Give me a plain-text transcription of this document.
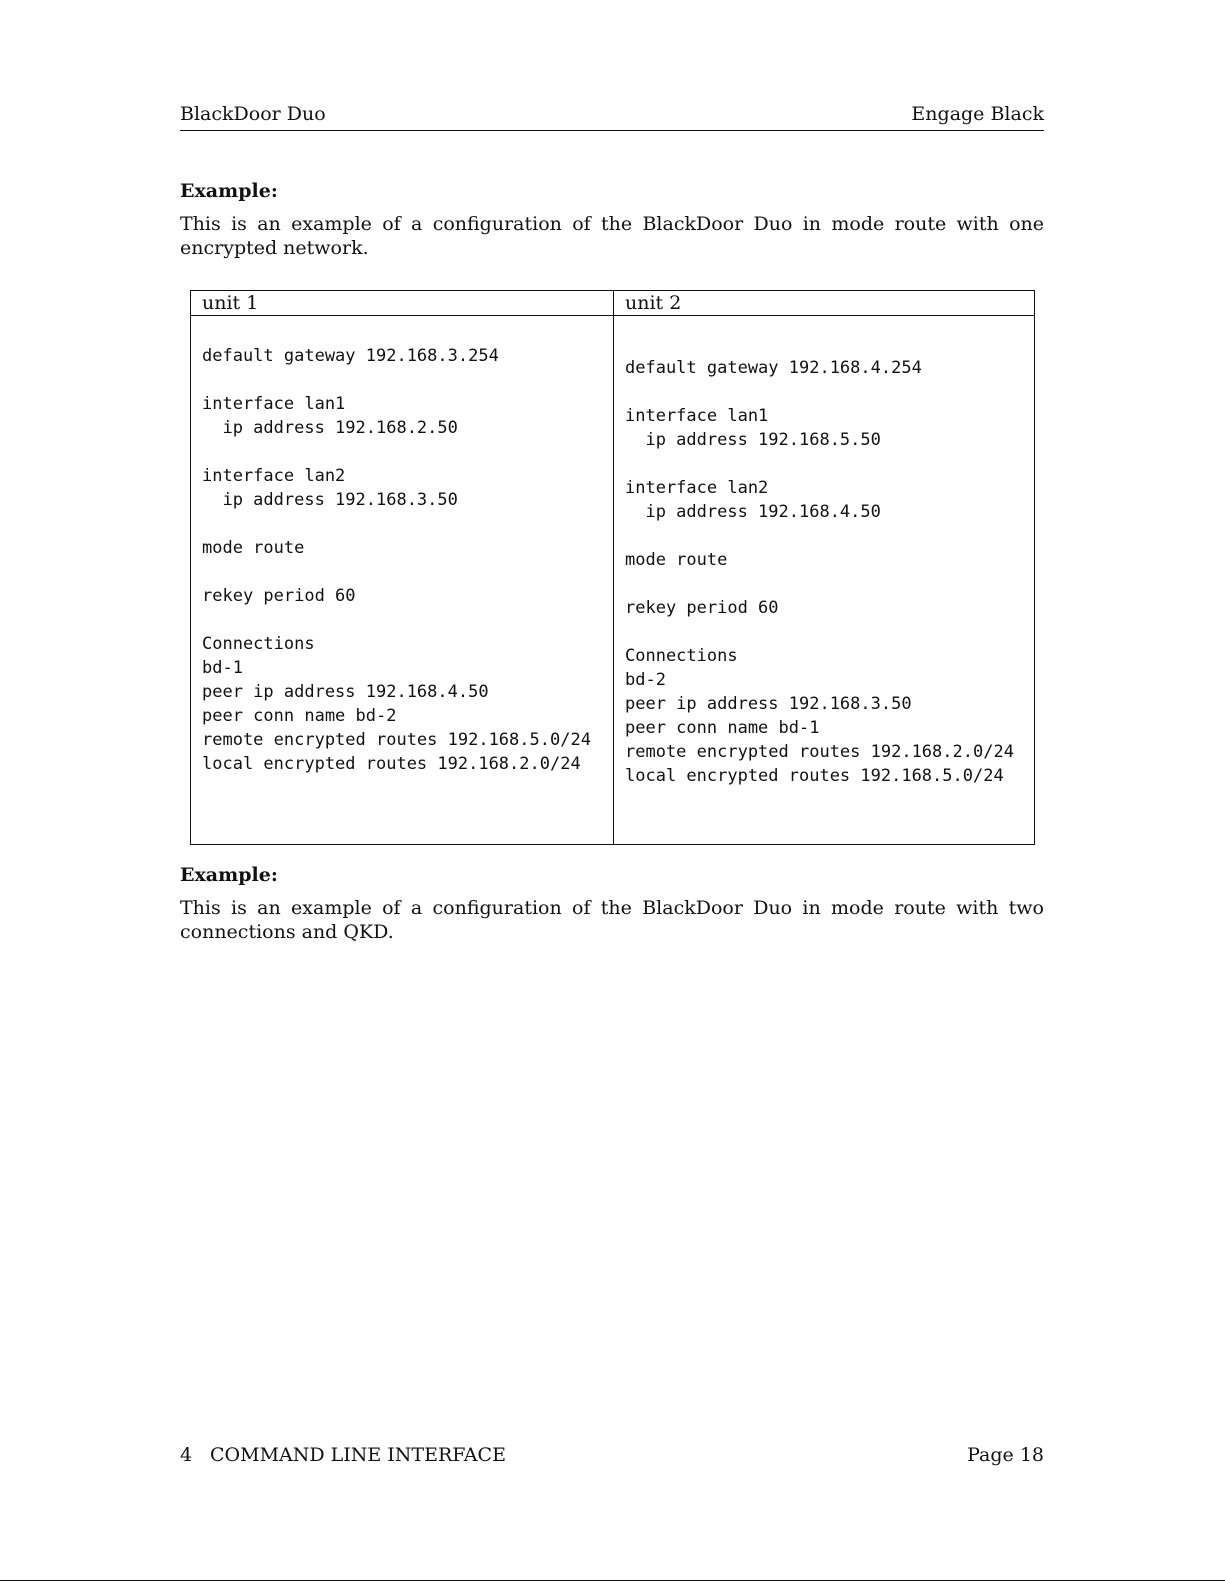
BlackDoor Duo	Engage Black
Example:
This is an example of a configuration of the BlackDoor Duo in mode route with one encrypted network.
unit 1
default gateway 192.168.3.254

interface lan1
ip address 192.168.2.50

interface lan2
ip address 192.168.3.50

mode route

rekey period 60

Connections
bd-1
peer ip address 192.168.4.50
peer conn name bd-2
remote encrypted routes 192.168.5.0/24
local encrypted routes 192.168.2.0/24
unit 2
default gateway 192.168.4.254

interface lan1
ip address 192.168.5.50

interface lan2
ip address 192.168.4.50

mode route

rekey period 60

Connections
bd-2
peer ip address 192.168.3.50
peer conn name bd-1
remote encrypted routes 192.168.2.0/24
local encrypted routes 192.168.5.0/24
Example:
This is an example of a configuration of the BlackDoor Duo in mode route with two connections and QKD.
4 COMMAND LINE INTERFACE	Page 18
